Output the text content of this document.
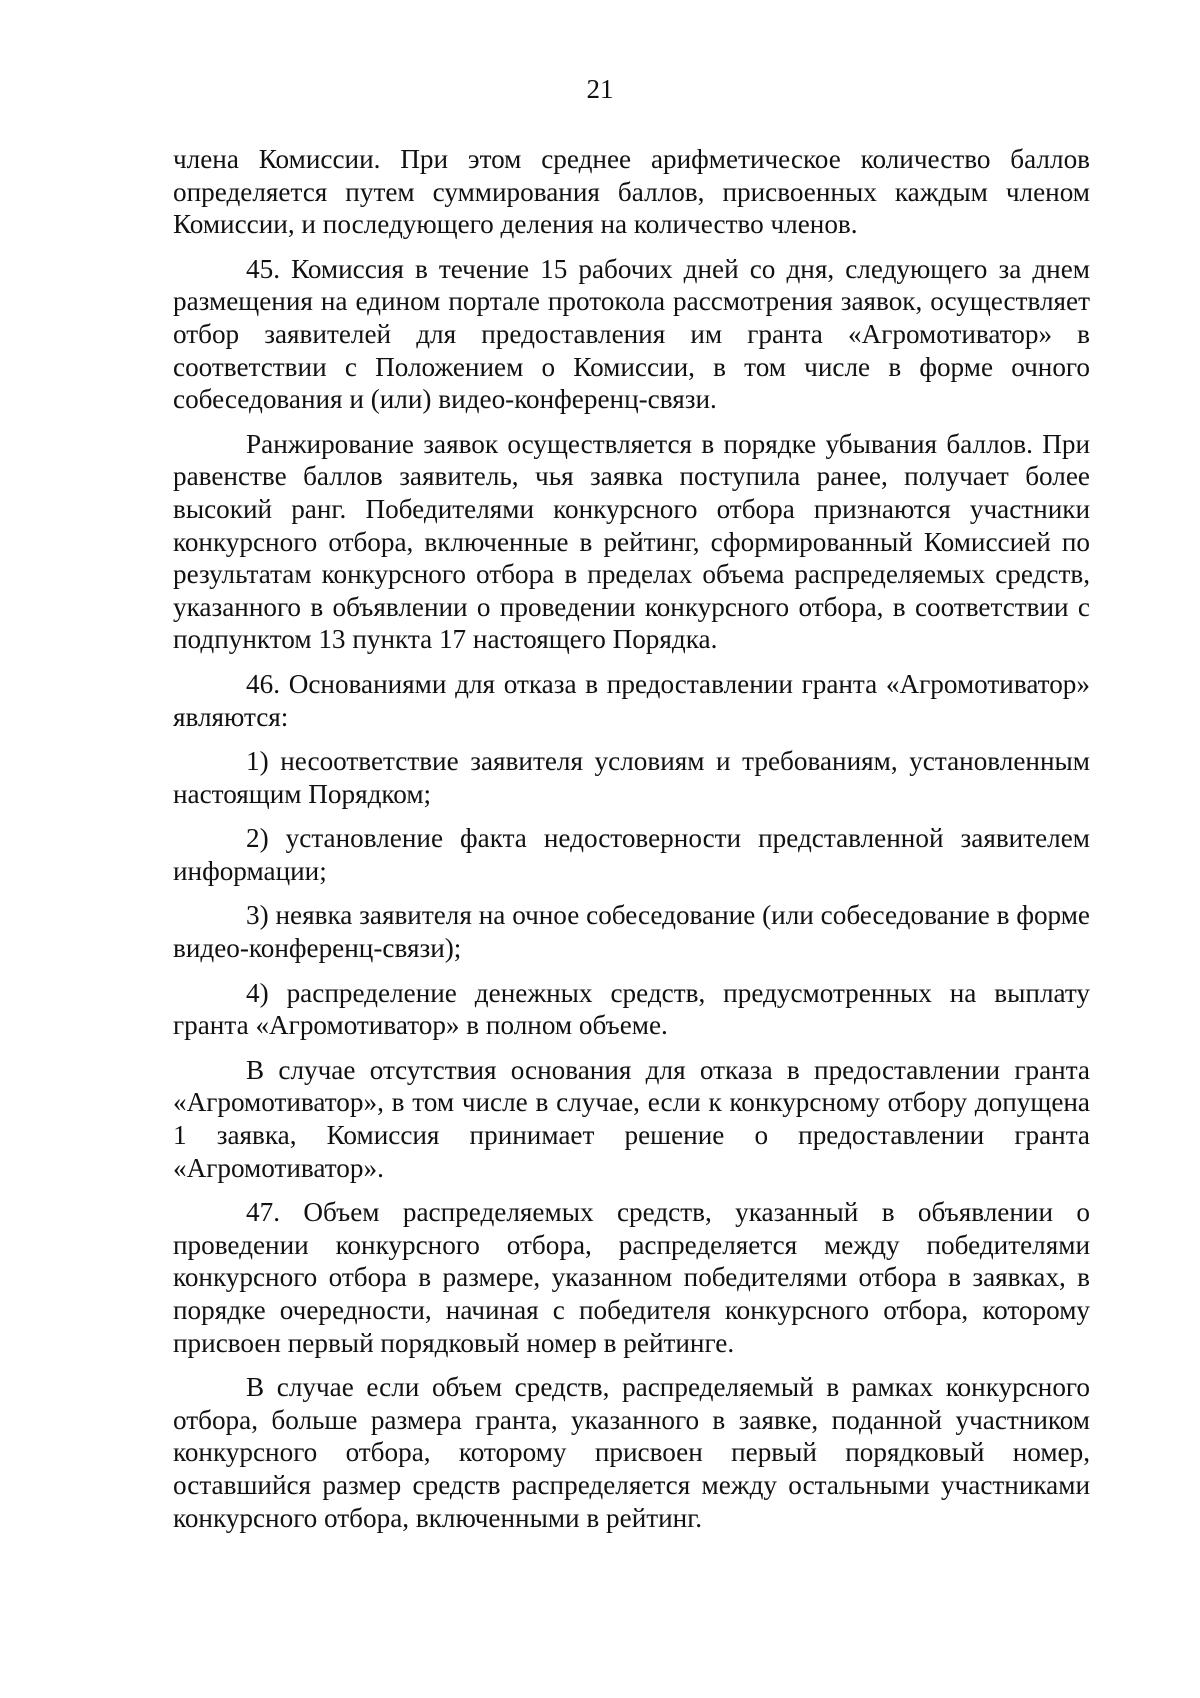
21

члена Комиссии. При этом среднее арифметическое количество баллов определяется путем суммирования баллов, присвоенных каждым членом Комиссии, и последующего деления на количество членов.

45. Комиссия в течение 15 рабочих дней со дня, следующего за днем размещения на едином портале протокола рассмотрения заявок, осуществляет отбор заявителей для предоставления им гранта «Агромотиватор» в соответствии с Положением о Комиссии, в том числе в форме очного собеседования и (или) видео-конференц-связи.

Ранжирование заявок осуществляется в порядке убывания баллов. При равенстве баллов заявитель, чья заявка поступила ранее, получает более высокий ранг. Победителями конкурсного отбора признаются участники конкурсного отбора, включенные в рейтинг, сформированный Комиссией по результатам конкурсного отбора в пределах объема распределяемых средств, указанного в объявлении о проведении конкурсного отбора, в соответствии с подпунктом 13 пункта 17 настоящего Порядка.

46. Основаниями для отказа в предоставлении гранта «Агромотиватор» являются:

1) несоответствие заявителя условиям и требованиям, установленным настоящим Порядком;

2) установление факта недостоверности представленной заявителем информации;

3) неявка заявителя на очное собеседование (или собеседование в форме видео-конференц-связи);

4) распределение денежных средств, предусмотренных на выплату гранта «Агромотиватор» в полном объеме.

В случае отсутствия основания для отказа в предоставлении гранта «Агромотиватор», в том числе в случае, если к конкурсному отбору допущена 1 заявка, Комиссия принимает решение о предоставлении гранта «Агромотиватор».

47. Объем распределяемых средств, указанный в объявлении о проведении конкурсного отбора, распределяется между победителями конкурсного отбора в размере, указанном победителями отбора в заявках, в порядке очередности, начиная с победителя конкурсного отбора, которому присвоен первый порядковый номер в рейтинге.

В случае если объем средств, распределяемый в рамках конкурсного отбора, больше размера гранта, указанного в заявке, поданной участником конкурсного отбора, которому присвоен первый порядковый номер, оставшийся размер средств распределяется между остальными участниками конкурсного отбора, включенными в рейтинг.
